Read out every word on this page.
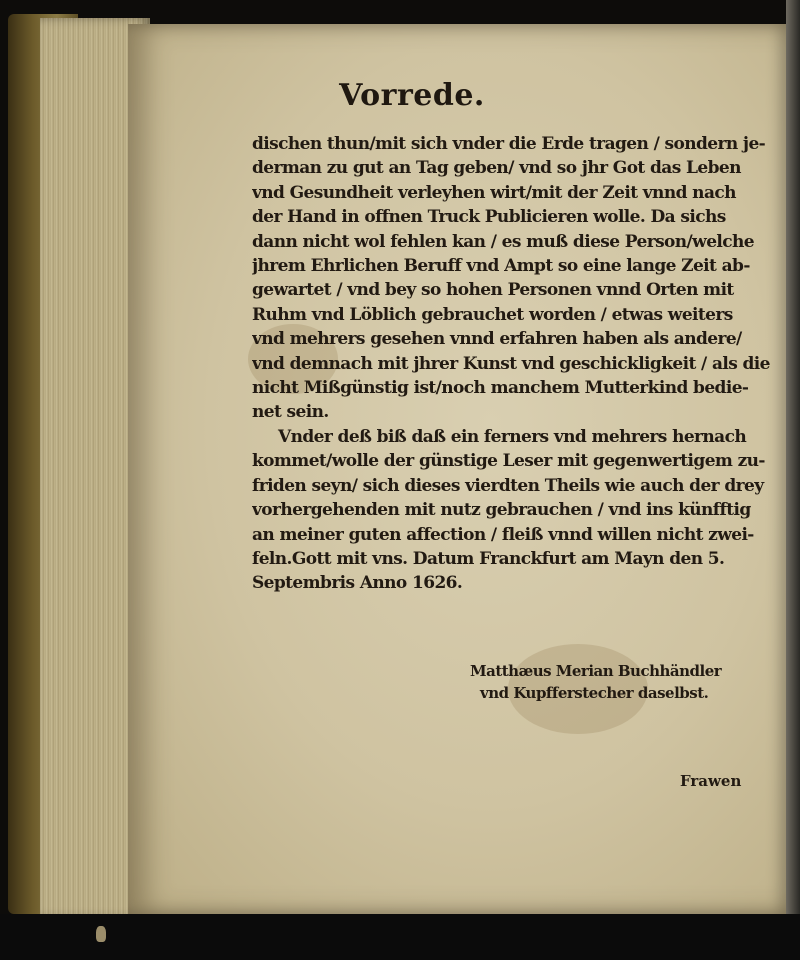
Vorrede.
dischen thun/mit sich vnder die Erde tragen / sondern je-
derman zu gut an Tag geben/ vnd so jhr Got das Leben
vnd Gesundheit verleyhen wirt/mit der Zeit vnnd nach
der Hand in offnen Truck Publicieren wolle. Da sichs
dann nicht wol fehlen kan / es muß diese Person/welche
jhrem Ehrlichen Beruff vnd Ampt so eine lange Zeit ab-
gewartet / vnd bey so hohen Personen vnnd Orten mit
Ruhm vnd Löblich gebrauchet worden / etwas weiters
vnd mehrers gesehen vnnd erfahren haben als andere/
vnd demnach mit jhrer Kunst vnd geschickligkeit / als die
nicht Mißgünstig ist/noch manchem Mutterkind bedie-
net sein.
Vnder deß biß daß ein ferners vnd mehrers hernach
kommet/wolle der günstige Leser mit gegenwertigem zu-
friden seyn/ sich dieses vierdten Theils wie auch der drey
vorhergehenden mit nutz gebrauchen / vnd ins künfftig
an meiner guten affection / fleiß vnnd willen nicht zwei-
feln.Gott mit vns. Datum Franckfurt am Mayn den 5.
Septembris Anno 1626.
Matthæus Merian Buchhändler
vnd Kupfferstecher daselbst.
Frawen
